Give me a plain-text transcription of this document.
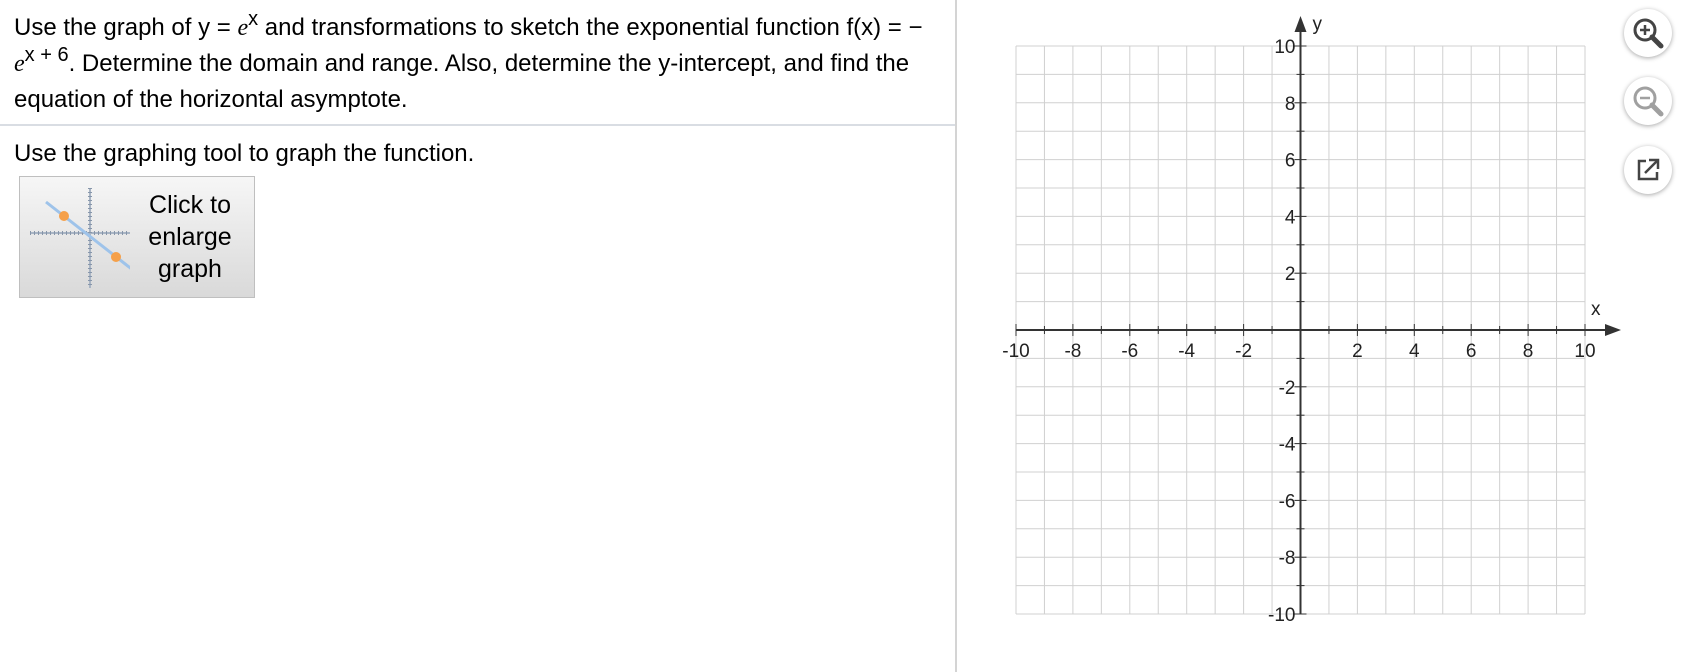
Use the graph of $y = e^x$ and transformations to sketch the exponential function f(x) = − $e^{x + 6}$. Determine the domain and range. Also, determine the y-intercept, and find the equation of the horizontal asymptote.
Use the graphing tool to graph the function.
Click to
enlarge
graph
-10 -8 -6 -4 -2	2 4 6 8 10
-10
-8
-6
-4
-2
2
4
6
8
10
x
y
